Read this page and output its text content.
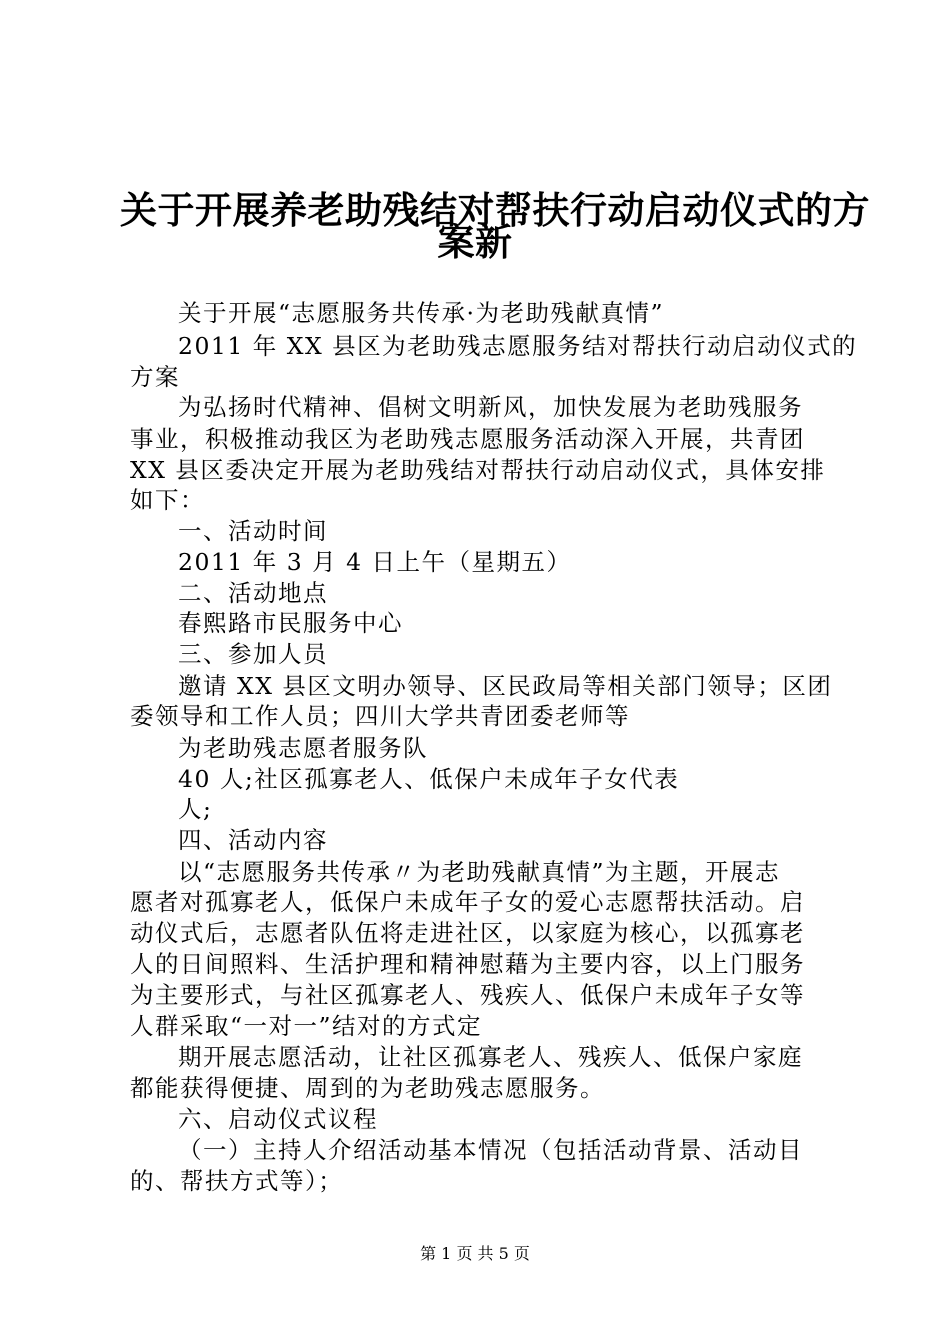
关于开展养老助残结对帮扶行动启动仪式的方
案新
关于开展“志愿服务共传承·为老助残献真情”
2011 年 XX 县区为老助残志愿服务结对帮扶行动启动仪式的
方案
为弘扬时代精神、倡树文明新风，加快发展为老助残服务
事业，积极推动我区为老助残志愿服务活动深入开展，共青团
XX 县区委决定开展为老助残结对帮扶行动启动仪式，具体安排
如下：
一、活动时间
2011 年 3 月 4 日上午（星期五）
二、活动地点
春熙路市民服务中心
三、参加人员
邀请 XX 县区文明办领导、区民政局等相关部门领导；区团
委领导和工作人员；四川大学共青团委老师等
为老助残志愿者服务队
40 人;社区孤寡老人、低保户未成年子女代表
人;
四、活动内容
以“志愿服务共传承〃为老助残献真情”为主题，开展志
愿者对孤寡老人，低保户未成年子女的爱心志愿帮扶活动。启
动仪式后，志愿者队伍将走进社区，以家庭为核心，以孤寡老
人的日间照料、生活护理和精神慰藉为主要内容，以上门服务
为主要形式，与社区孤寡老人、残疾人、低保户未成年子女等
人群采取“一对一”结对的方式定
期开展志愿活动，让社区孤寡老人、残疾人、低保户家庭
都能获得便捷、周到的为老助残志愿服务。
六、启动仪式议程
（一）主持人介绍活动基本情况（包括活动背景、活动目
的、帮扶方式等）；
第 1 页 共 5 页
